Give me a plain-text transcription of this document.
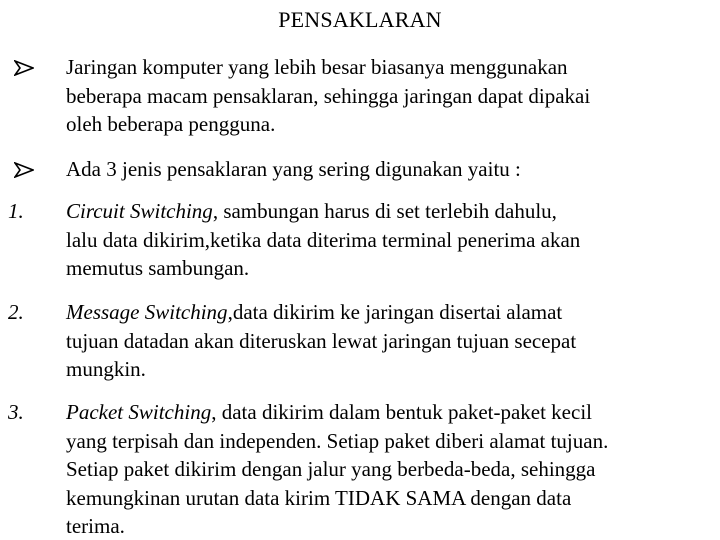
PENSAKLARAN
Jaringan komputer yang lebih besar biasanya menggunakan
beberapa macam pensaklaran, sehingga jaringan dapat dipakai
oleh beberapa pengguna.
Ada 3 jenis pensaklaran yang sering digunakan yaitu :
1. Circuit Switching, sambungan harus di set terlebih dahulu,
lalu data dikirim,ketika data diterima terminal penerima akan
memutus sambungan.
2. Message Switching,data dikirim ke jaringan disertai alamat
tujuan datadan akan diteruskan lewat jaringan tujuan secepat
mungkin.
3. Packet Switching, data dikirim dalam bentuk paket-paket kecil
yang terpisah dan independen. Setiap paket diberi alamat tujuan.
Setiap paket dikirim dengan jalur yang berbeda-beda, sehingga
kemungkinan urutan data kirim TIDAK SAMA dengan data
terima.
